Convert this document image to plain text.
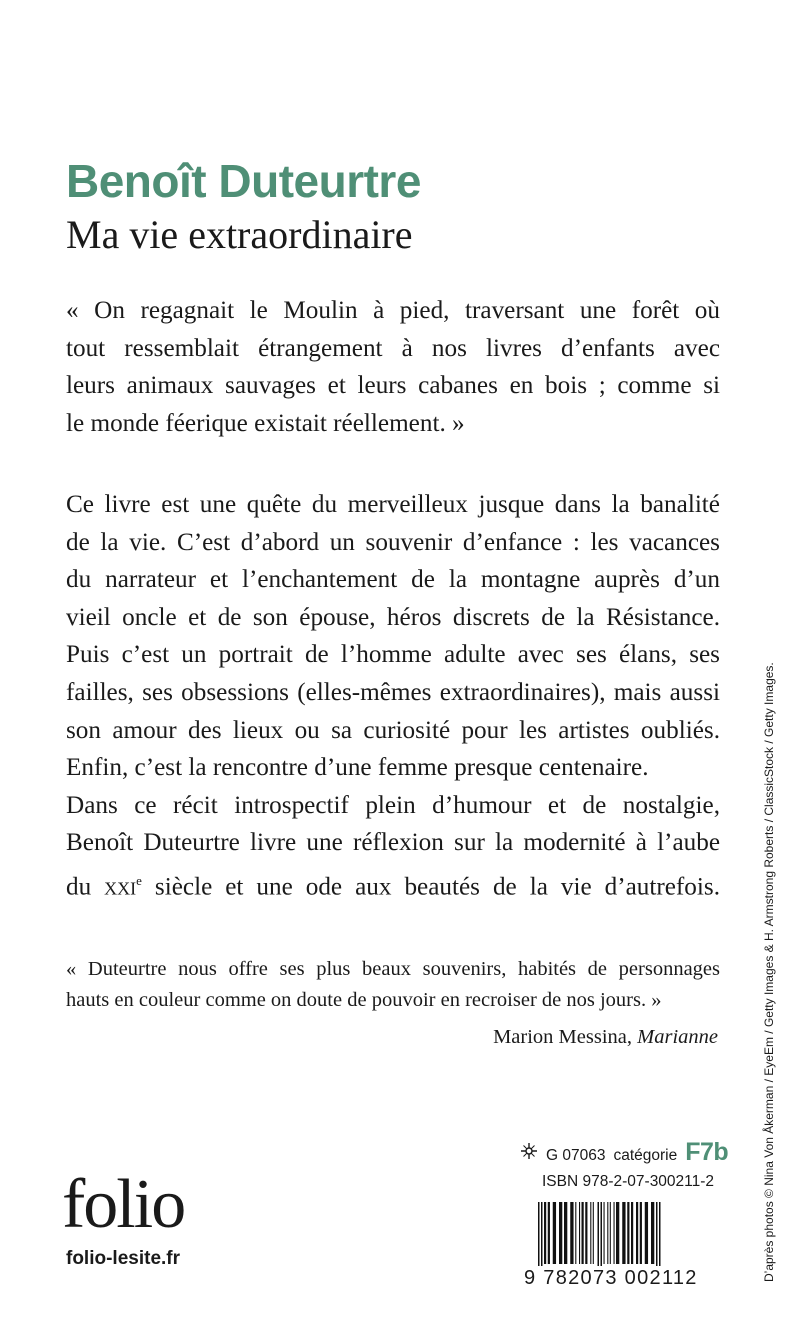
Benoît Duteurtre
Ma vie extraordinaire

« On regagnait le Moulin à pied, traversant une forêt où
tout ressemblait étrangement à nos livres d’enfants avec
leurs animaux sauvages et leurs cabanes en bois ; comme si
le monde féerique existait réellement. »

Ce livre est une quête du merveilleux jusque dans la banalité
de la vie. C’est d’abord un souvenir d’enfance : les vacances
du narrateur et l’enchantement de la montagne auprès d’un
vieil oncle et de son épouse, héros discrets de la Résistance.
Puis c’est un portrait de l’homme adulte avec ses élans, ses
failles, ses obsessions (elles-mêmes extraordinaires), mais aussi
son amour des lieux ou sa curiosité pour les artistes oubliés.
Enfin, c’est la rencontre d’une femme presque centenaire.
Dans ce récit introspectif plein d’humour et de nostalgie,
Benoît Duteurtre livre une réflexion sur la modernité à l’aube
du xxi$^e$ siècle et une ode aux beautés de la vie d’autrefois.

« Duteurtre nous offre ses plus beaux souvenirs, habités de personnages
hauts en couleur comme on doute de pouvoir en recroiser de nos jours. »

Marion Messina, Marianne
folio
folio-lesite.fr
G 07063 catégorie F7b
ISBN 978-2-07-300211-2
9 782073 002112	D’après photos © Nina Von Åkerman / EyeEm / Getty Images & H. Armstrong Roberts / ClassicStock / Getty Images.
